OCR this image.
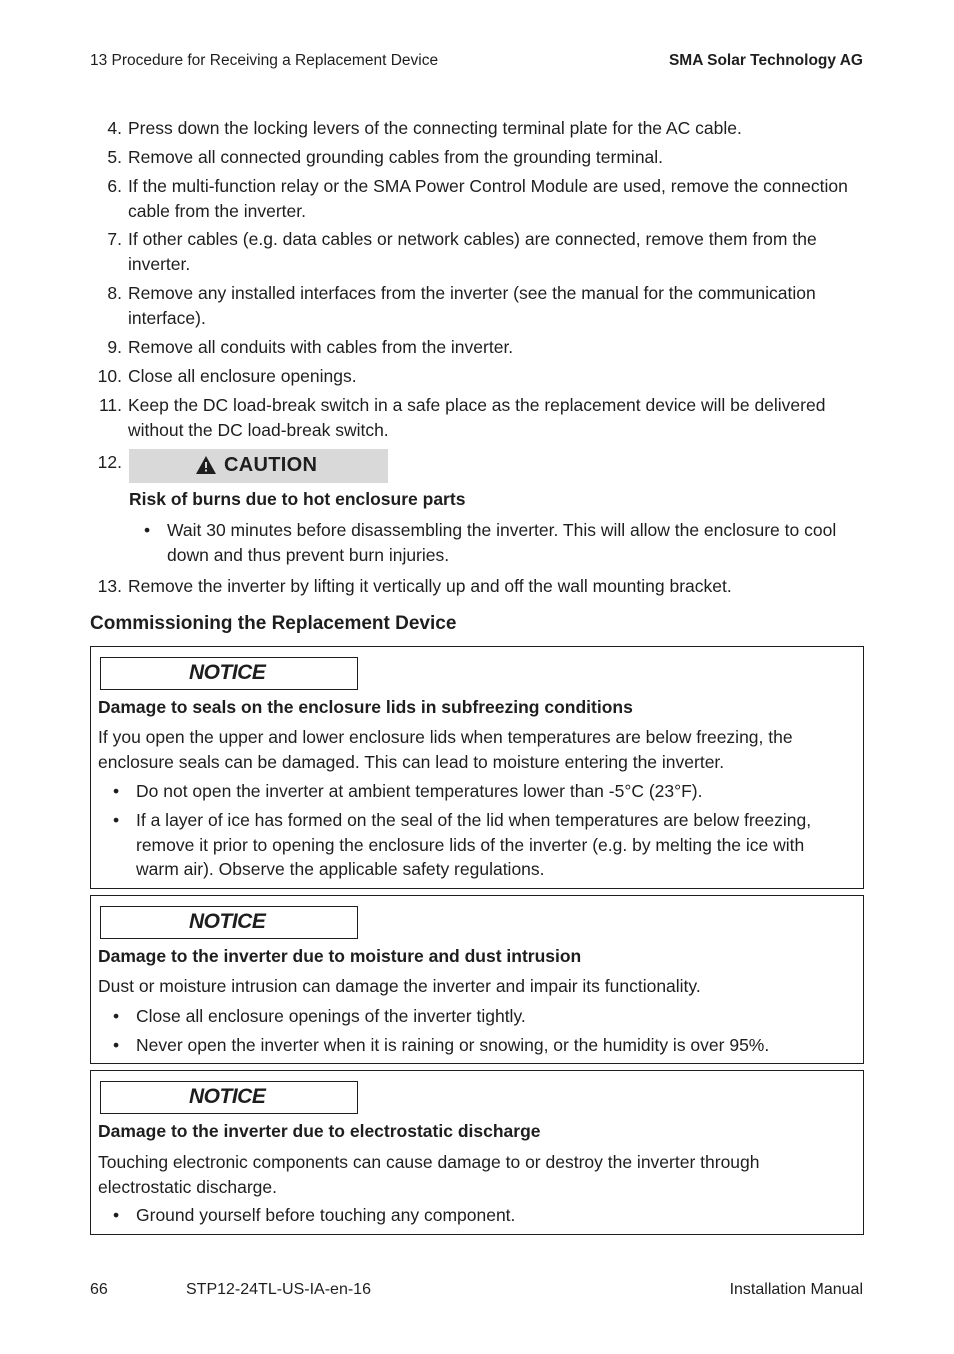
13 Procedure for Receiving a Replacement Device	SMA Solar Technology AG
4. Press down the locking levers of the connecting terminal plate for the AC cable.
5. Remove all connected grounding cables from the grounding terminal.
6. If the multi-function relay or the SMA Power Control Module are used, remove the connection
cable from the inverter.
7. If other cables (e.g. data cables or network cables) are connected, remove them from the
inverter.
8. Remove any installed interfaces from the inverter (see the manual for the communication
interface).
9. Remove all conduits with cables from the inverter.
10. Close all enclosure openings.
11. Keep the DC load-break switch in a safe place as the replacement device will be delivered
without the DC load-break switch.
12.	CAUTION
Risk of burns due to hot enclosure parts
• Wait 30 minutes before disassembling the inverter. This will allow the enclosure to cool
down and thus prevent burn injuries.
13. Remove the inverter by lifting it vertically up and off the wall mounting bracket.
Commissioning the Replacement Device
NOTICE
Damage to seals on the enclosure lids in subfreezing conditions
If you open the upper and lower enclosure lids when temperatures are below freezing, the
enclosure seals can be damaged. This can lead to moisture entering the inverter.
• Do not open the inverter at ambient temperatures lower than -5°C (23°F).
• If a layer of ice has formed on the seal of the lid when temperatures are below freezing,
remove it prior to opening the enclosure lids of the inverter (e.g. by melting the ice with
warm air). Observe the applicable safety regulations.
NOTICE
Damage to the inverter due to moisture and dust intrusion
Dust or moisture intrusion can damage the inverter and impair its functionality.
• Close all enclosure openings of the inverter tightly.
• Never open the inverter when it is raining or snowing, or the humidity is over 95%.
NOTICE
Damage to the inverter due to electrostatic discharge
Touching electronic components can cause damage to or destroy the inverter through
electrostatic discharge.
• Ground yourself before touching any component.
66	STP12-24TL-US-IA-en-16	Installation Manual
